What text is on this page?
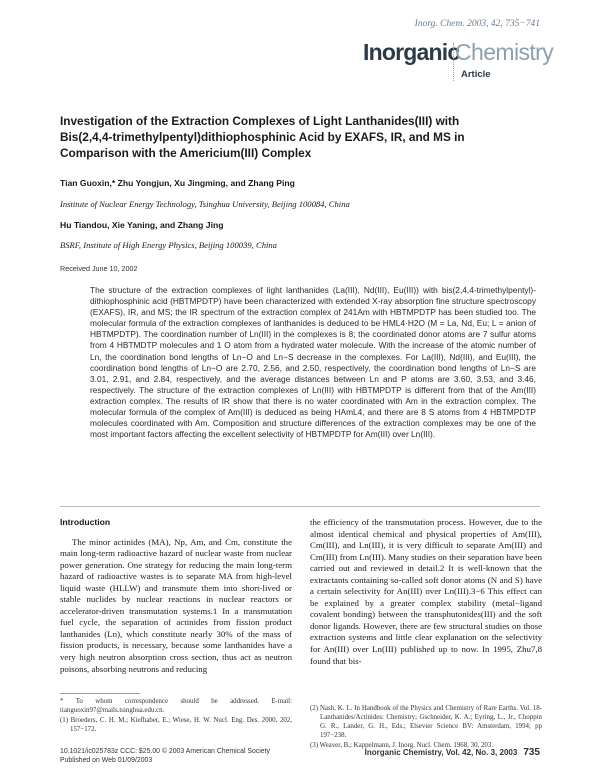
Inorg. Chem. 2003, 42, 735−741
Inorganic
Chemistry
Article
Investigation of the Extraction Complexes of Light Lanthanides(III) with Bis(2,4,4-trimethylpentyl)dithiophosphinic Acid by EXAFS, IR, and MS in Comparison with the Americium(III) Complex
Tian Guoxin,* Zhu Yongjun, Xu Jingming, and Zhang Ping
Institute of Nuclear Energy Technology, Tsinghua University, Beijing 100084, China
Hu Tiandou, Xie Yaning, and Zhang Jing
BSRF, Institute of High Energy Physics, Beijing 100039, China
Received June 10, 2002
The structure of the extraction complexes of light lanthanides (La(III), Nd(III), Eu(III)) with bis(2,4,4-trimethylpentyl)-dithiophosphinic acid (HBTMPDTP) have been characterized with extended X-ray absorption fine structure spectroscopy (EXAFS), IR, and MS; the IR spectrum of the extraction complex of 241Am with HBTMPDTP has been studied too. The molecular formula of the extraction complexes of lanthanides is deduced to be HML4·H2O (M = La, Nd, Eu; L = anion of HBTMPDTP). The coordination number of Ln(III) in the complexes is 8; the coordinated donor atoms are 7 sulfur atoms from 4 HBTMDTP molecules and 1 O atom from a hydrated water molecule. With the increase of the atomic number of Ln, the coordination bond lengths of Ln−O and Ln−S decrease in the complexes. For La(III), Nd(III), and Eu(III), the coordination bond lengths of Ln−O are 2.70, 2.56, and 2.50, respectively, the coordination bond lengths of Ln−S are 3.01, 2.91, and 2.84, respectively, and the average distances between Ln and P atoms are 3.60, 3.53, and 3.46, respectively. The structure of the extraction complexes of Ln(III) with HBTMPDTP is different from that of the Am(III) extraction complex. The results of IR show that there is no water coordinated with Am in the extraction complex. The molecular formula of the complex of Am(III) is deduced as being HAmL4, and there are 8 S atoms from 4 HBTMPDTP molecules coordinated with Am. Composition and structure differences of the extraction complexes may be one of the most important factors affecting the excellent selectivity of HBTMPDTP for Am(III) over Ln(III).
Introduction

The minor actinides (MA), Np, Am, and Cm, constitute the main long-term radioactive hazard of nuclear waste from nuclear power generation. One strategy for reducing the main long-term hazard of radioactive wastes is to separate MA from high-level liquid waste (HLLW) and transmute them into short-lived or stable nuclides by nuclear reactions in nuclear reactors or accelerator-driven transmutation systems.1 In a transmutation fuel cycle, the separation of actinides from fission product lanthanides (Ln), which constitute nearly 30% of the mass of fission products, is necessary, because some lanthanides have a very high neutron absorption cross section, thus act as neutron poisons, absorbing neutrons and reducing

the efficiency of the transmutation process. However, due to the almost identical chemical and physical properties of Am(III), Cm(III), and Ln(III), it is very difficult to separate Am(III) and Cm(III) from Ln(III). Many studies on their separation have been carried out and reviewed in detail.2 It is well-known that the extractants containing so-called soft donor atoms (N and S) have a certain selectivity for An(III) over Ln(III).3−6 This effect can be explained by a greater complex stability (metal−ligand covalent bonding) between the transphutonides(III) and the soft donor ligands. However, there are few structural studies on those extraction systems and little clear explanation on the selectivity for An(III) over Ln(III) published up to now. In 1995, Zhu7,8 found that bis-

* To whom correspondence should be addressed. E-mail: tianguoxin97@mails.tsinghua.edu.cn.
(1) Broeders, C. H. M.; Kiefhaber, E.; Wiese, H. W. Nucl. Eng. Des. 2000, 202, 157−172.
(2) Nash, K. L. In Handbook of the Physics and Chemistry of Rare Earths. Vol. 18-Lanthanides/Actinides: Chemistry; Gschneider, K. A.; Eyring, L., Jr., Choppin G. R., Lander, G. H., Eds.; Elsevier Science BV: Amsterdam, 1994; pp 197−238.
(3) Weaver, B.; Kappelmann, J. Inorg. Nucl. Chem. 1968, 30, 203.
10.1021/ic025783z CCC: $25.00 © 2003 American Chemical Society
Published on Web 01/09/2003
Inorganic Chemistry, Vol. 42, No. 3, 2003 735
